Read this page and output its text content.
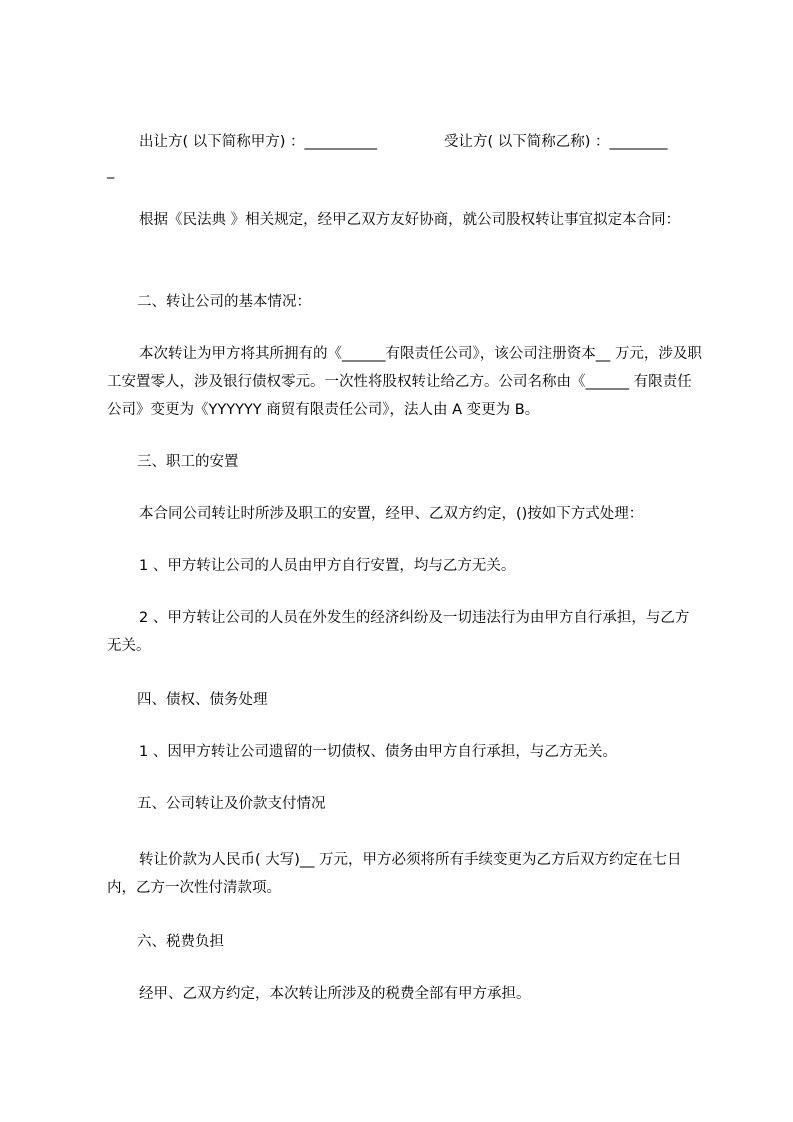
出让方( 以下简称甲方) ：__________

	受让方( 以下简称乙称) ：________

_

根据《民法典 》相关规定，经甲乙双方友好协商，就公司股权转让事宜拟定本合同：

二、转让公司的基本情况：

本次转让为甲方将其所拥有的《______有限责任公司》，该公司注册资本__ 万元，涉及职工安置零人，涉及银行债权零元。一次性将股权转让给乙方。公司名称由《______ 有限责任公司》变更为《YYYYYY 商贸有限责任公司》，法人由 A 变更为 B。

三、职工的安置

本合同公司转让时所涉及职工的安置，经甲、乙双方约定，()按如下方式处理：

1 、甲方转让公司的人员由甲方自行安置，均与乙方无关。

2 、甲方转让公司的人员在外发生的经济纠纷及一切违法行为由甲方自行承担，与乙方无关。

四、债权、债务处理

1 、因甲方转让公司遗留的一切债权、债务由甲方自行承担，与乙方无关。

五、公司转让及价款支付情况

转让价款为人民币( 大写)__ 万元，甲方必须将所有手续变更为乙方后双方约定在七日内，乙方一次性付清款项。

六、税费负担

经甲、乙双方约定，本次转让所涉及的税费全部有甲方承担。
